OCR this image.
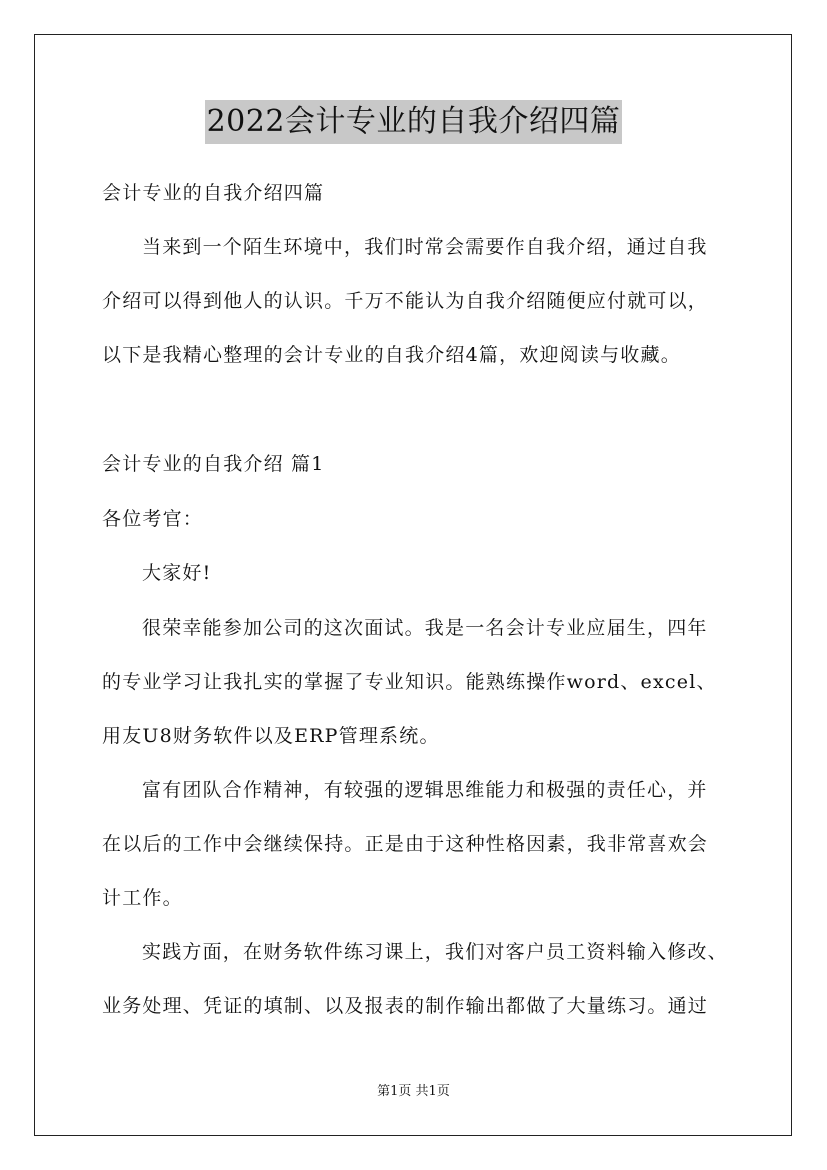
2022会计专业的自我介绍四篇
会计专业的自我介绍四篇
当来到一个陌生环境中，我们时常会需要作自我介绍，通过自我
介绍可以得到他人的认识。千万不能认为自我介绍随便应付就可以，
以下是我精心整理的会计专业的自我介绍4篇，欢迎阅读与收藏。
会计专业的自我介绍 篇1
各位考官：
大家好!
很荣幸能参加公司的这次面试。我是一名会计专业应届生，四年
的专业学习让我扎实的掌握了专业知识。能熟练操作word、excel、
用友U8财务软件以及ERP管理系统。
富有团队合作精神，有较强的逻辑思维能力和极强的责任心，并
在以后的工作中会继续保持。正是由于这种性格因素，我非常喜欢会
计工作。
实践方面，在财务软件练习课上，我们对客户员工资料输入修改、
业务处理、凭证的填制、以及报表的制作输出都做了大量练习。通过
第1页 共1页
